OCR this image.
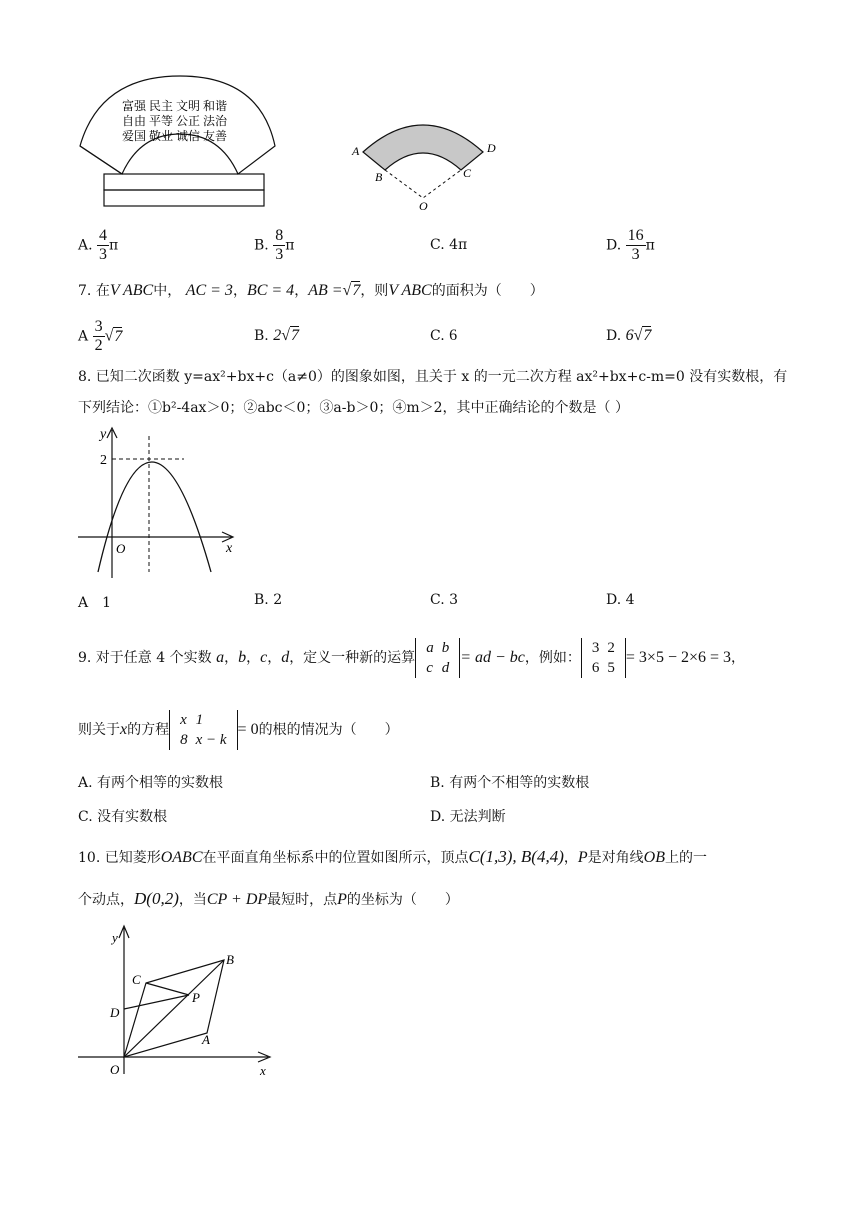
富强 民主 文明 和谐
自由 平等 公正 法治
爱国 敬业 诚信 友善
A
B	C
D
O
A. $\frac{4}{3}$ π	B. $\frac{8}{3}$ π	C. 4π	D. $\frac{16}{3}$ π
7. 在V ABC中， AC = 3，BC = 4，AB =√7，则V ABC的面积为（　　）
A $\frac{3}{2} √7$	B. 2√7	C. 6	D. 6√7
8. 已知二次函数 y=ax²+bx+c（a≠0）的图象如图，且关于 x 的一元二次方程 ax²+bx+c-m=0 没有实数根，有
下列结论：①b²-4ax＞0；②abc＜0；③a-b＞0；④m＞2，其中正确结论的个数是（ ）
y
x
O
2
A　 1	B. 2	C. 3	D. 4
9. 对于任意 4 个实数 a，b，c，d，定义一种新的运算
a	b
c	d
= ad − bc，例如：
3	2
6	5
= 3×5 − 2×6 = 3，
则关于x的方程
x	1
8	x − k
= 0的根的情况为（　　）
A. 有两个相等的实数根	B. 有两个不相等的实数根
C. 没有实数根	D. 无法判断
10. 已知菱形OABC在平面直角坐标系中的位置如图所示，顶点C(1,3), B(4,4)，P是对角线OB上的一
个动点，D(0,2)，当CP + DP最短时，点P的坐标为（　　）
y
x
O
A
B
C
D
P
